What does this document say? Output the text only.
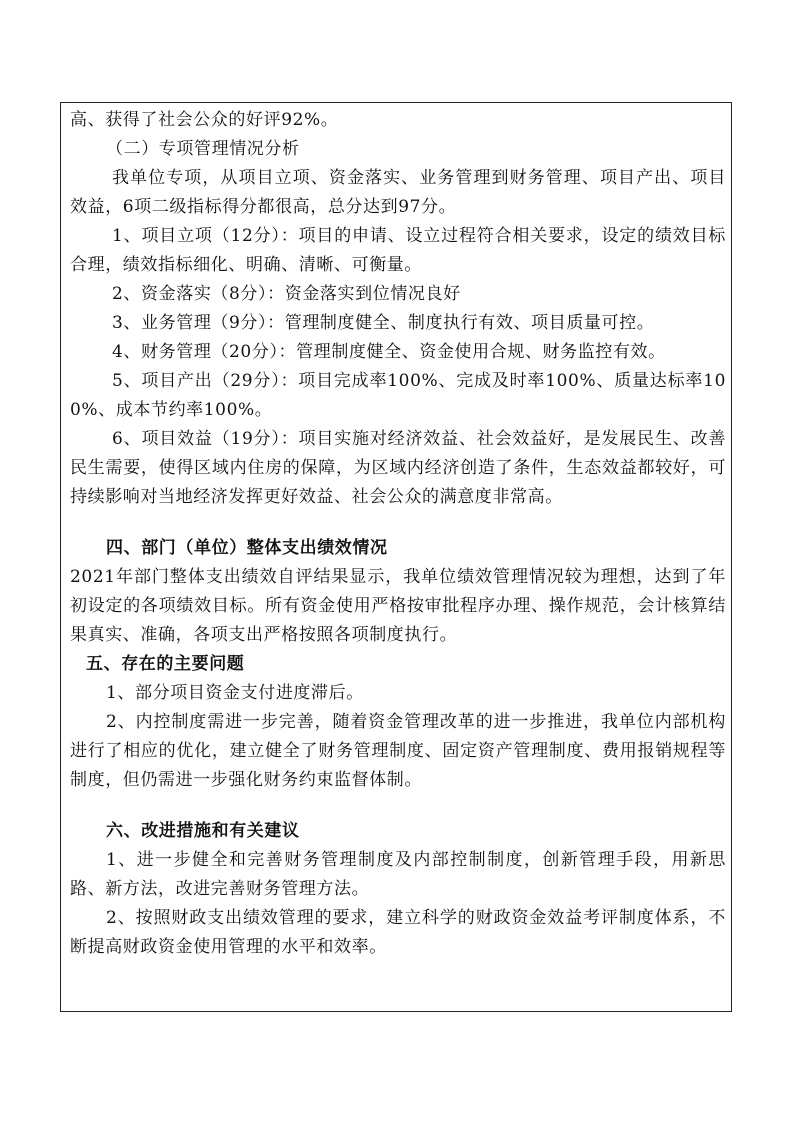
高、获得了社会公众的好评92%。

（二）专项管理情况分析

我单位专项，从项目立项、资金落实、业务管理到财务管理、项目产出、项目效益，6项二级指标得分都很高，总分达到97分。

1、项目立项（12分）：项目的申请、设立过程符合相关要求，设定的绩效目标合理，绩效指标细化、明确、清晰、可衡量。

2、资金落实（8分）：资金落实到位情况良好

3、业务管理（9分）：管理制度健全、制度执行有效、项目质量可控。

4、财务管理（20分）：管理制度健全、资金使用合规、财务监控有效。

5、项目产出（29分）：项目完成率100%、完成及时率100%、质量达标率100%、成本节约率100%。

6、项目效益（19分）：项目实施对经济效益、社会效益好，是发展民生、改善民生需要，使得区域内住房的保障，为区域内经济创造了条件，生态效益都较好，可持续影响对当地经济发挥更好效益、社会公众的满意度非常高。

四、部门（单位）整体支出绩效情况

2021年部门整体支出绩效自评结果显示，我单位绩效管理情况较为理想，达到了年初设定的各项绩效目标。所有资金使用严格按审批程序办理、操作规范，会计核算结果真实、准确，各项支出严格按照各项制度执行。

五、存在的主要问题

1、部分项目资金支付进度滞后。

2、内控制度需进一步完善，随着资金管理改革的进一步推进，我单位内部机构进行了相应的优化，建立健全了财务管理制度、固定资产管理制度、费用报销规程等制度，但仍需进一步强化财务约束监督体制。

六、改进措施和有关建议

1、进一步健全和完善财务管理制度及内部控制制度，创新管理手段，用新思路、新方法，改进完善财务管理方法。

2、按照财政支出绩效管理的要求，建立科学的财政资金效益考评制度体系，不断提高财政资金使用管理的水平和效率。
